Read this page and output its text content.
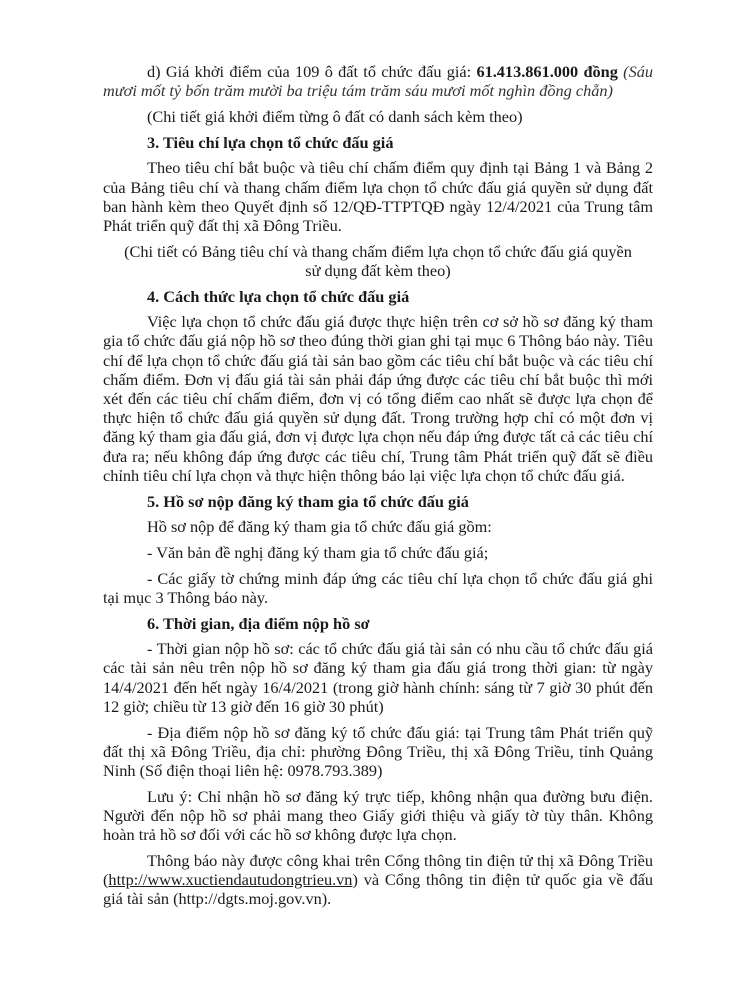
d) Giá khởi điểm của 109 ô đất tổ chức đấu giá: 61.413.861.000 đồng (Sáu mươi mốt tỷ bốn trăm mười ba triệu tám trăm sáu mươi mốt nghìn đồng chẵn)

(Chi tiết giá khởi điểm từng ô đất có danh sách kèm theo)

3. Tiêu chí lựa chọn tổ chức đấu giá

Theo tiêu chí bắt buộc và tiêu chí chấm điểm quy định tại Bảng 1 và Bảng 2 của Bảng tiêu chí và thang chấm điểm lựa chọn tổ chức đấu giá quyền sử dụng đất ban hành kèm theo Quyết định số 12/QĐ-TTPTQĐ ngày 12/4/2021 của Trung tâm Phát triển quỹ đất thị xã Đông Triều.

(Chi tiết có Bảng tiêu chí và thang chấm điểm lựa chọn tổ chức đấu giá quyền sử dụng đất kèm theo)

4. Cách thức lựa chọn tổ chức đấu giá

Việc lựa chọn tổ chức đấu giá được thực hiện trên cơ sở hồ sơ đăng ký tham gia tổ chức đấu giá nộp hồ sơ theo đúng thời gian ghi tại mục 6 Thông báo này. Tiêu chí để lựa chọn tổ chức đấu giá tài sản bao gồm các tiêu chí bắt buộc và các tiêu chí chấm điểm. Đơn vị đấu giá tài sản phải đáp ứng được các tiêu chí bắt buộc thì mới xét đến các tiêu chí chấm điểm, đơn vị có tổng điểm cao nhất sẽ được lựa chọn để thực hiện tổ chức đấu giá quyền sử dụng đất. Trong trường hợp chỉ có một đơn vị đăng ký tham gia đấu giá, đơn vị được lựa chọn nếu đáp ứng được tất cả các tiêu chí đưa ra; nếu không đáp ứng được các tiêu chí, Trung tâm Phát triển quỹ đất sẽ điều chỉnh tiêu chí lựa chọn và thực hiện thông báo lại việc lựa chọn tổ chức đấu giá.

5. Hồ sơ nộp đăng ký tham gia tổ chức đấu giá

Hồ sơ nộp để đăng ký tham gia tổ chức đấu giá gồm:

- Văn bản đề nghị đăng ký tham gia tổ chức đấu giá;

- Các giấy tờ chứng minh đáp ứng các tiêu chí lựa chọn tổ chức đấu giá ghi tại mục 3 Thông báo này.

6. Thời gian, địa điểm nộp hồ sơ

- Thời gian nộp hồ sơ: các tổ chức đấu giá tài sản có nhu cầu tổ chức đấu giá các tài sản nêu trên nộp hồ sơ đăng ký tham gia đấu giá trong thời gian: từ ngày 14/4/2021 đến hết ngày 16/4/2021 (trong giờ hành chính: sáng từ 7 giờ 30 phút đến 12 giờ; chiều từ 13 giờ đến 16 giờ 30 phút)

- Địa điểm nộp hồ sơ đăng ký tổ chức đấu giá: tại Trung tâm Phát triển quỹ đất thị xã Đông Triều, địa chỉ: phường Đông Triều, thị xã Đông Triều, tỉnh Quảng Ninh (Số điện thoại liên hệ: 0978.793.389)

Lưu ý: Chỉ nhận hồ sơ đăng ký trực tiếp, không nhận qua đường bưu điện. Người đến nộp hồ sơ phải mang theo Giấy giới thiệu và giấy tờ tùy thân. Không hoàn trả hồ sơ đối với các hồ sơ không được lựa chọn.

Thông báo này được công khai trên Cổng thông tin điện tử thị xã Đông Triều (http://www.xuctiendautudongtrieu.vn) và Cổng thông tin điện tử quốc gia về đấu giá tài sản (http://dgts.moj.gov.vn).
